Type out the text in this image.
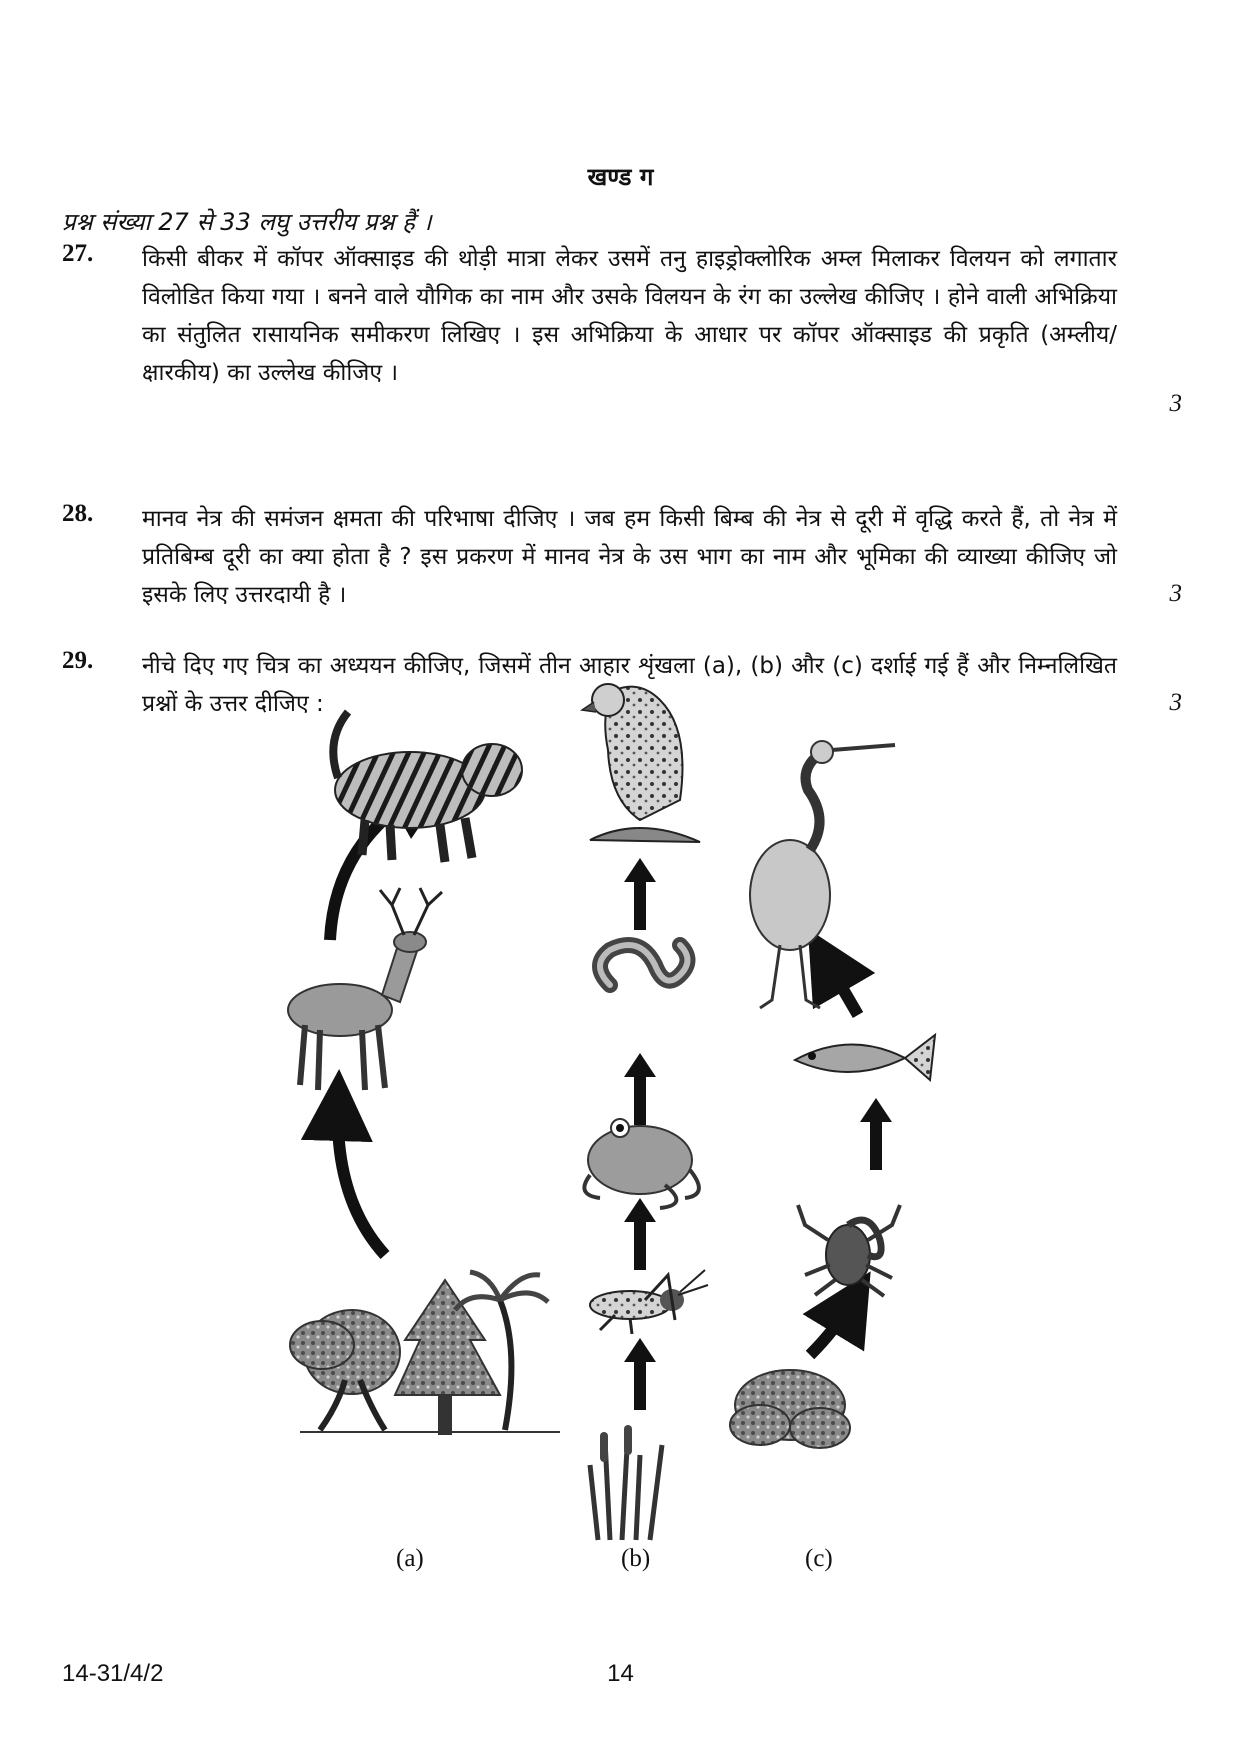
खण्ड ग
प्रश्न संख्या 27 से 33 लघु उत्तरीय प्रश्न हैं ।
27. किसी बीकर में कॉपर ऑक्साइड की थोड़ी मात्रा लेकर उसमें तनु हाइड्रोक्लोरिक अम्ल मिलाकर विलयन को लगातार विलोडित किया गया । बनने वाले यौगिक का नाम और उसके विलयन के रंग का उल्लेख कीजिए । होने वाली अभिक्रिया का संतुलित रासायनिक समीकरण लिखिए । इस अभिक्रिया के आधार पर कॉपर ऑक्साइड की प्रकृति (अम्लीय/क्षारकीय) का उल्लेख कीजिए ।
3
28. मानव नेत्र की समंजन क्षमता की परिभाषा दीजिए । जब हम किसी बिम्ब की नेत्र से दूरी में वृद्धि करते हैं, तो नेत्र में प्रतिबिम्ब दूरी का क्या होता है ? इस प्रकरण में मानव नेत्र के उस भाग का नाम और भूमिका की व्याख्या कीजिए जो इसके लिए उत्तरदायी है ।	3
29. नीचे दिए गए चित्र का अध्ययन कीजिए, जिसमें तीन आहार शृंखला (a), (b) और (c) दर्शाई गई हैं और निम्नलिखित प्रश्नों के उत्तर दीजिए :	3
(a)	(b)	(c)
14-31/4/2	14
